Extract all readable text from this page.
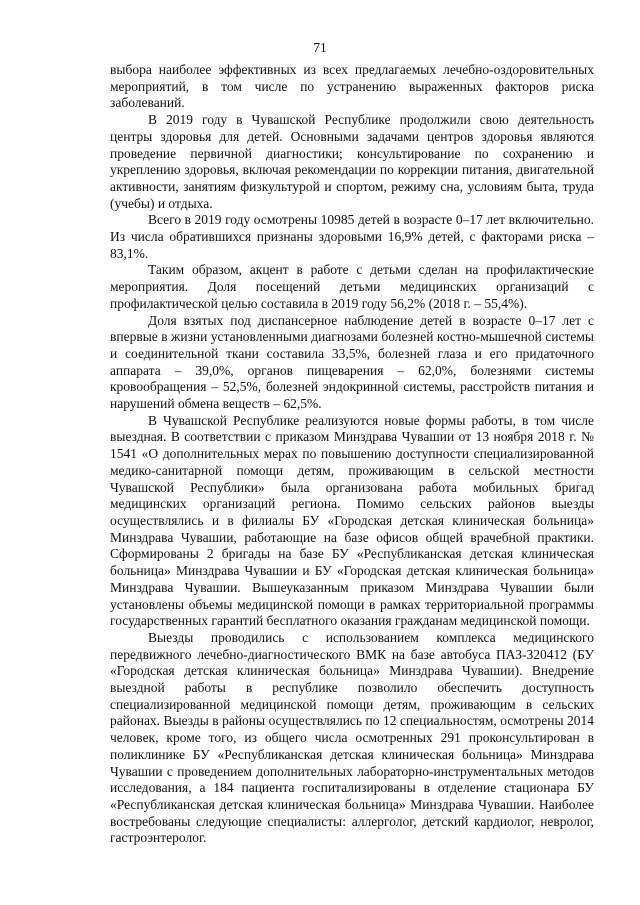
71

выбора наиболее эффективных из всех предлагаемых лечебно-оздоровительных мероприятий, в том числе по устранению выраженных факторов риска заболеваний.

В 2019 году в Чувашской Республике продолжили свою деятельность центры здоровья для детей. Основными задачами центров здоровья являются проведение первичной диагностики; консультирование по сохранению и укреплению здоровья, включая рекомендации по коррекции питания, двигательной активности, занятиям физкультурой и спортом, режиму сна, условиям быта, труда (учебы) и отдыха.

Всего в 2019 году осмотрены 10985 детей в возрасте 0–17 лет включительно. Из числа обратившихся признаны здоровыми 16,9% детей, с факторами риска – 83,1%.

Таким образом, акцент в работе с детьми сделан на профилактические мероприятия. Доля посещений детьми медицинских организаций с профилактической целью составила в 2019 году 56,2% (2018 г. – 55,4%).

Доля взятых под диспансерное наблюдение детей в возрасте 0–17 лет с впервые в жизни установленными диагнозами болезней костно-мышечной системы и соединительной ткани составила 33,5%, болезней глаза и его придаточного аппарата – 39,0%, органов пищеварения – 62,0%, болезнями системы кровообращения – 52,5%, болезней эндокринной системы, расстройств питания и нарушений обмена веществ – 62,5%.

В Чувашской Республике реализуются новые формы работы, в том числе выездная. В соответствии с приказом Минздрава Чувашии от 13 ноября 2018 г. № 1541 «О дополнительных мерах по повышению доступности специализированной медико-санитарной помощи детям, проживающим в сельской местности Чувашской Республики» была организована работа мобильных бригад медицинских организаций региона. Помимо сельских районов выезды осуществлялись и в филиалы БУ «Городская детская клиническая больница» Минздрава Чувашии, работающие на базе офисов общей врачебной практики. Сформированы 2 бригады на базе БУ «Республиканская детская клиническая больница» Минздрава Чувашии и БУ «Городская детская клиническая больница» Минздрава Чувашии. Вышеуказанным приказом Минздрава Чувашии были установлены объемы медицинской помощи в рамках территориальной программы государственных гарантий бесплатного оказания гражданам медицинской помощи.

Выезды проводились с использованием комплекса медицинского передвижного лечебно-диагностического ВМК на базе автобуса ПАЗ-320412 (БУ «Городская детская клиническая больница» Минздрава Чувашии). Внедрение выездной работы в республике позволило обеспечить доступность специализированной медицинской помощи детям, проживающим в сельских районах. Выезды в районы осуществлялись по 12 специальностям, осмотрены 2014 человек, кроме того, из общего числа осмотренных 291 проконсультирован в поликлинике БУ «Республиканская детская клиническая больница» Минздрава Чувашии с проведением дополнительных лабораторно-инструментальных методов исследования, а 184 пациента госпитализированы в отделение стационара БУ «Республиканская детская клиническая больница» Минздрава Чувашии. Наиболее востребованы следующие специалисты: аллерголог, детский кардиолог, невролог, гастроэнтеролог.
